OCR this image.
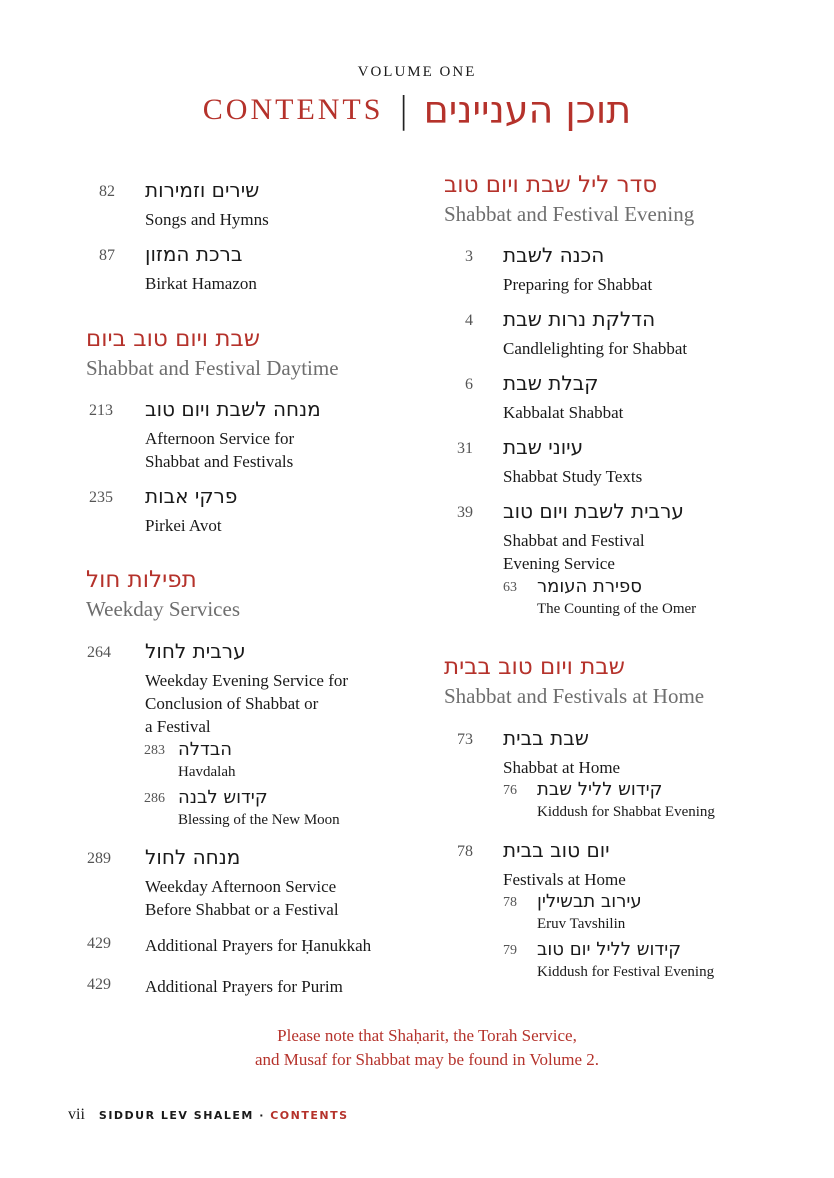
VOLUME ONE
CONTENTS | תוכן העניינים
סדר ליל שבת ויום טוב
Shabbat and Festival Evening
3 הכנה לשבת
Preparing for Shabbat
4 הדלקת נרות שבת
Candlelighting for Shabbat
6 קבלת שבת
Kabbalat Shabbat
31 עיוני שבת
Shabbat Study Texts
39 ערבית לשבת ויום טוב
Shabbat and Festival
Evening Service
63 ספירת העומר
The Counting of the Omer
שבת ויום טוב בבית
Shabbat and Festivals at Home
73 שבת בבית
Shabbat at Home
76 קידוש לליל שבת
Kiddush for Shabbat Evening
78 יום טוב בבית
Festivals at Home
78 עירוב תבשילין
Eruv Tavshilin
79 קידוש לליל יום טוב
Kiddush for Festival Evening
82 שירים וזמירות
Songs and Hymns
87 ברכת המזון
Birkat Hamazon
שבת ויום טוב ביום
Shabbat and Festival Daytime
213 מנחה לשבת ויום טוב
Afternoon Service for
Shabbat and Festivals
235 פרקי אבות
Pirkei Avot
תפילות חול
Weekday Services
264 ערבית לחול
Weekday Evening Service for
Conclusion of Shabbat or
a Festival
283 הבדלה
Havdalah
286 קידוש לבנה
Blessing of the New Moon
289 מנחה לחול
Weekday Afternoon Service
Before Shabbat or a Festival
429 Additional Prayers for Ḥanukkah
429 Additional Prayers for Purim
Please note that Shaḥarit, the Torah Service,
and Musaf for Shabbat may be found in Volume 2.
vii SIDDUR LEV SHALEM · CONTENTS
